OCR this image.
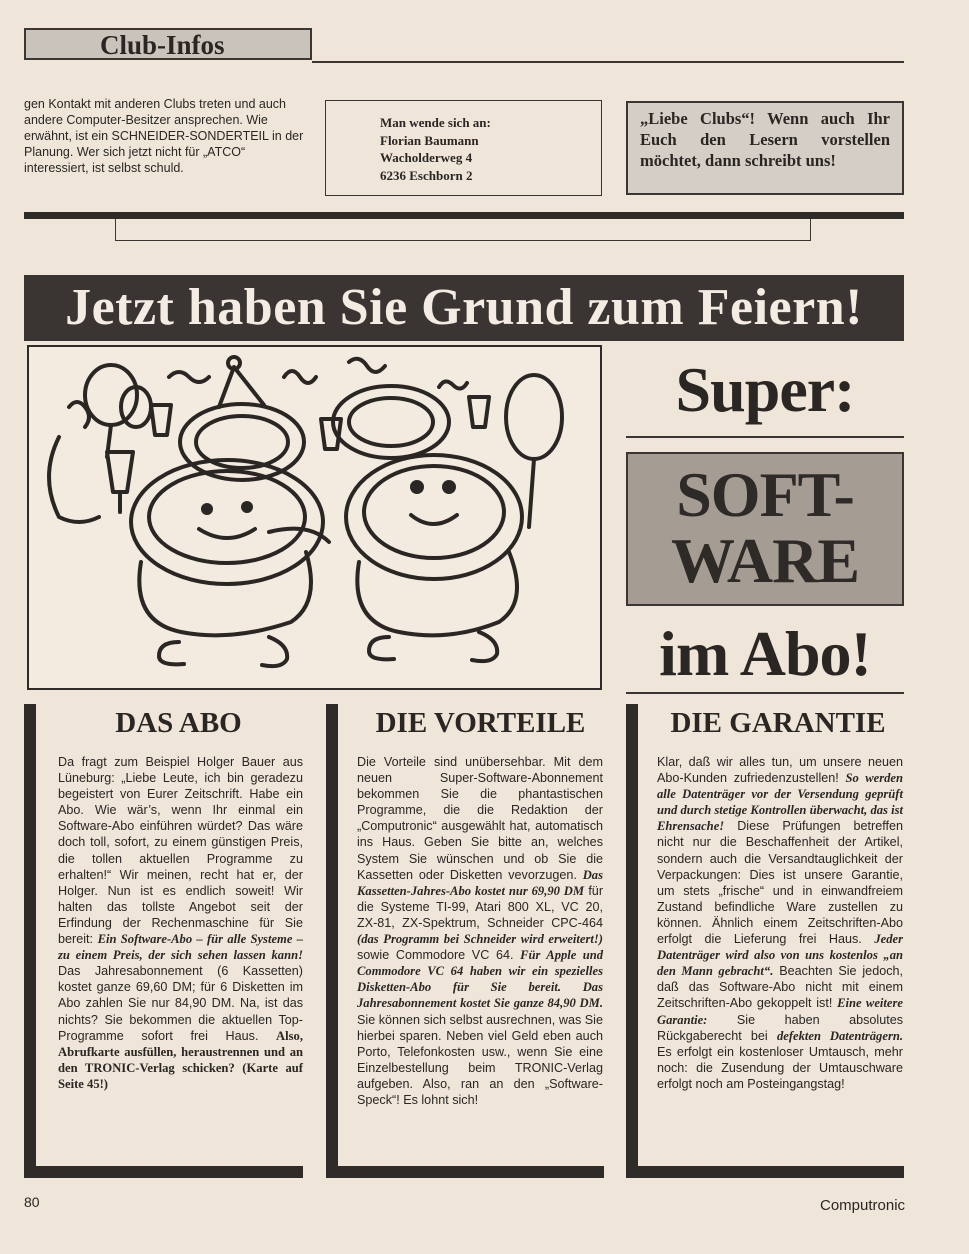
Club-Infos
gen Kontakt mit anderen Clubs treten und auch andere Computer-Besitzer ansprechen. Wie erwähnt, ist ein SCHNEIDER-SONDERTEIL in der Planung. Wer sich jetzt nicht für „ATCO“ interessiert, ist selbst schuld.
Man wende sich an:
Florian Baumann
Wacholderweg 4
6236 Eschborn 2
„Liebe Clubs“! Wenn auch Ihr Euch den Lesern vorstellen möchtet, dann schreibt uns!
Jetzt haben Sie Grund zum Feiern!
Super:
SOFT-
WARE
im Abo!
DAS ABO
Da fragt zum Beispiel Holger Bauer aus Lüneburg: „Liebe Leute, ich bin geradezu begeistert von Eurer Zeitschrift. Habe ein Abo. Wie wär’s, wenn Ihr einmal ein Software-Abo einführen würdet? Das wäre doch toll, sofort, zu einem günstigen Preis, die tollen aktuellen Programme zu erhalten!“ Wir meinen, recht hat er, der Holger. Nun ist es endlich soweit! Wir halten das tollste Angebot seit der Erfindung der Rechenmaschine für Sie bereit: Ein Software-Abo – für alle Systeme – zu einem Preis, der sich sehen lassen kann! Das Jahresabonnement (6 Kassetten) kostet ganze 69,60 DM; für 6 Disketten im Abo zahlen Sie nur 84,90 DM. Na, ist das nichts? Sie bekommen die aktuellen Top-Programme sofort frei Haus. Also, Abrufkarte ausfüllen, heraustrennen und an den TRONIC-Verlag schicken? (Karte auf Seite 45!)
DIE VORTEILE
Die Vorteile sind unübersehbar. Mit dem neuen Super-Software-Abonnement bekommen Sie die phantastischen Programme, die die Redaktion der „Computronic“ ausgewählt hat, automatisch ins Haus. Geben Sie bitte an, welches System Sie wünschen und ob Sie die Kassetten oder Disketten vevorzugen. Das Kassetten-Jahres-Abo kostet nur 69,90 DM für die Systeme TI-99, Atari 800 XL, VC 20, ZX-81, ZX-Spektrum, Schneider CPC-464 (das Programm bei Schneider wird erweitert!) sowie Commodore VC 64. Für Apple und Commodore VC 64 haben wir ein spezielles Disketten-Abo für Sie bereit. Das Jahresabonnement kostet Sie ganze 84,90 DM. Sie können sich selbst ausrechnen, was Sie hierbei sparen. Neben viel Geld eben auch Porto, Telefonkosten usw., wenn Sie eine Einzelbestellung beim TRONIC-Verlag aufgeben. Also, ran an den „Software-Speck“! Es lohnt sich!
DIE GARANTIE
Klar, daß wir alles tun, um unsere neuen Abo-Kunden zufriedenzustellen! So werden alle Datenträger vor der Versendung geprüft und durch stetige Kontrollen überwacht, das ist Ehrensache! Diese Prüfungen betreffen nicht nur die Beschaffenheit der Artikel, sondern auch die Versandtauglichkeit der Verpackungen: Dies ist unsere Garantie, um stets „frische“ und in einwandfreiem Zustand befindliche Ware zustellen zu können. Ähnlich einem Zeitschriften-Abo erfolgt die Lieferung frei Haus. Jeder Datenträger wird also von uns kostenlos „an den Mann gebracht“. Beachten Sie jedoch, daß das Software-Abo nicht mit einem Zeitschriften-Abo gekoppelt ist! Eine weitere Garantie: Sie haben absolutes Rückgaberecht bei defekten Datenträgern. Es erfolgt ein kostenloser Umtausch, mehr noch: die Zusendung der Umtauschware erfolgt noch am Posteingangstag!
80	Computronic
